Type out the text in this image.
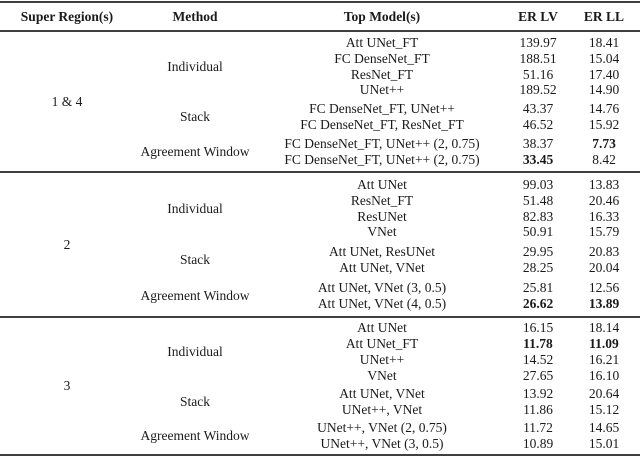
Super Region(s)	Method	Top Model(s)	ER LV	ER LL
1 & 4
Individual
Att UNet_FT	139.97	18.41
FC DenseNet_FT	188.51	15.04
ResNet_FT	51.16	17.40
UNet++	189.52	14.90
Stack
FC DenseNet_FT, UNet++	43.37	14.76
FC DenseNet_FT, ResNet_FT	46.52	15.92
Agreement Window
FC DenseNet_FT, UNet++ (2, 0.75)	38.37	7.73
FC DenseNet_FT, UNet++ (2, 0.75)	33.45	8.42
2
Individual
Att UNet	99.03	13.83
ResNet_FT	51.48	20.46
ResUNet	82.83	16.33
VNet	50.91	15.79
Stack
Att UNet, ResUNet	29.95	20.83
Att UNet, VNet	28.25	20.04
Agreement Window
Att UNet, VNet (3, 0.5)	25.81	12.56
Att UNet, VNet (4, 0.5)	26.62	13.89
3
Individual
Att UNet	16.15	18.14
Att UNet_FT	11.78	11.09
UNet++	14.52	16.21
VNet	27.65	16.10
Stack
Att UNet, VNet	13.92	20.64
UNet++, VNet	11.86	15.12
Agreement Window
UNet++, VNet (2, 0.75)	11.72	14.65
UNet++, VNet (3, 0.5)	10.89	15.01
